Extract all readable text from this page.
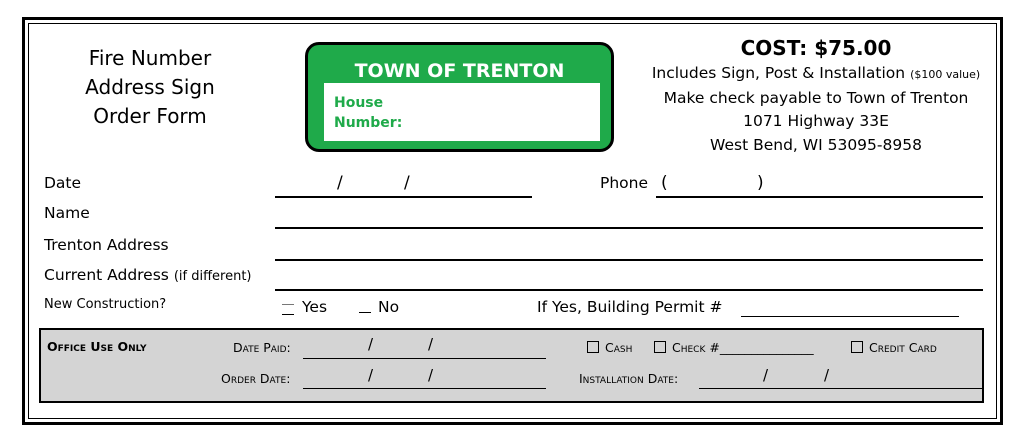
Fire Number
Address Sign
Order Form
TOWN OF TRENTON
House
Number:
COST: $75.00
Includes Sign, Post & Installation ($100 value)
Make check payable to Town of Trenton
1071 Highway 33E
West Bend, WI 53095-8958
Date	/	/	Phone (	)
Name
Trenton Address
Current Address (if different)
New Construction?	Yes	No	If Yes, Building Permit #
Office Use Only	Date Paid:	/	/	Cash	Check #_______________	Credit Card
Order Date:	/	/	Installation Date:	/	/
